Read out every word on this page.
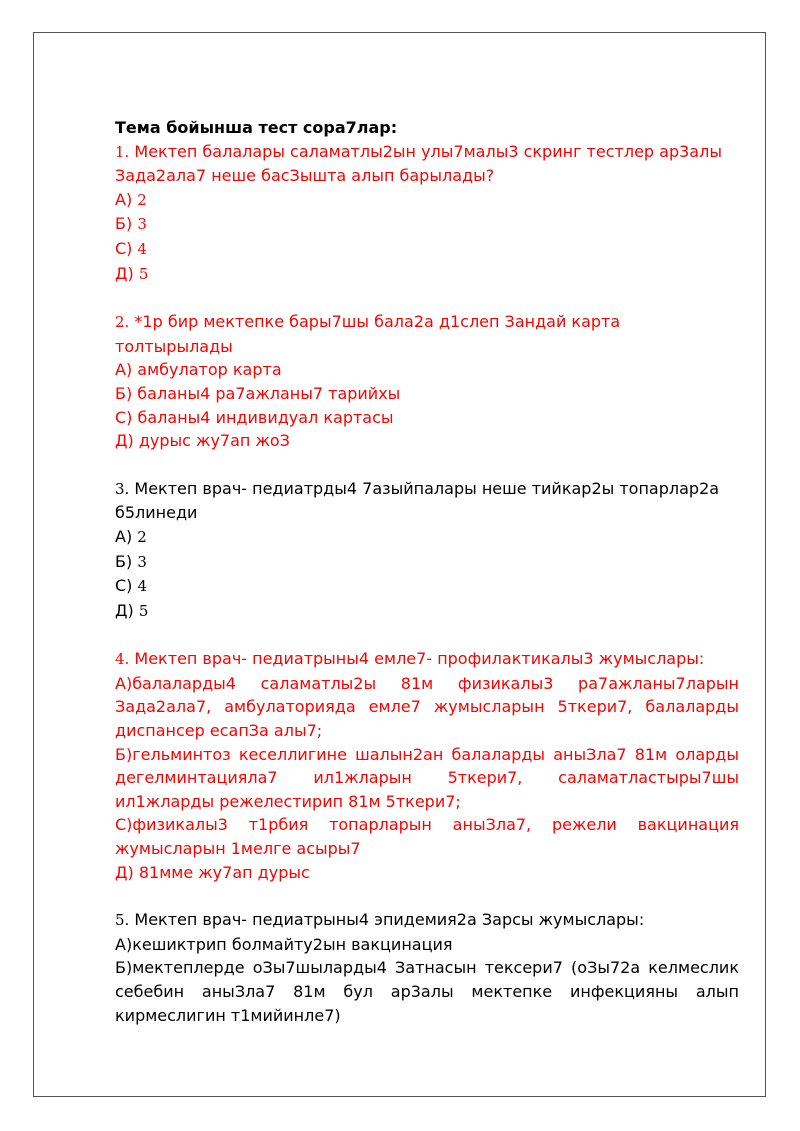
Тема бойынша тест сора7лар:

1. Мектеп балалары саламатлы2ын улы7малы3 скринг тестлер ар3алы Зада2ала7 неше басЗышта алып барылады?

А) 2

Б) 3

С) 4

Д) 5

2. *1р бир мектепке бары7шы бала2а д1слеп Зандай карта толтырылады

А) амбулатор карта

Б) баланы4 ра7ажланы7 тарийхы

С) баланы4 индивидуал картасы

Д) дурыс жу7ап жоЗ

3. Мектеп врач- педиатрды4 7азыйпалары неше тийкар2ы топарлар2а б5линеди

А) 2

Б) 3

С) 4

Д) 5

4. Мектеп врач- педиатрыны4 емле7- профилактикалы3 жумыслары:

А)балаларды4 саламатлы2ы 81м физикалы3 ра7ажланы7ларын Зада2ала7, амбулаторияда емле7 жумысларын 5ткери7, балаларды диспансер есапЗа алы7;

Б)гельминтоз кеселлигине шалын2ан балаларды аныЗла7 81м оларды дегелминтацияла7 ил1жларын 5ткери7, саламатластыры7шы ил1жларды режелестирип 81м 5ткери7;

С)физикалы3 т1рбия топарларын аныЗла7, режели вакцинация жумысларын 1мелге асыры7

Д) 81мме жу7ап дурыс

5. Мектеп врач- педиатрыны4 эпидемия2а Зарсы жумыслары:

А)кешиктрип болмайту2ын вакцинация

Б)мектеплерде оЗы7шыларды4 Затнасын тексери7 (оЗы72а келмеслик себебин аныЗла7 81м бул ар3алы мектепке инфекцияны алып кирмеслигин т1мийинле7)
